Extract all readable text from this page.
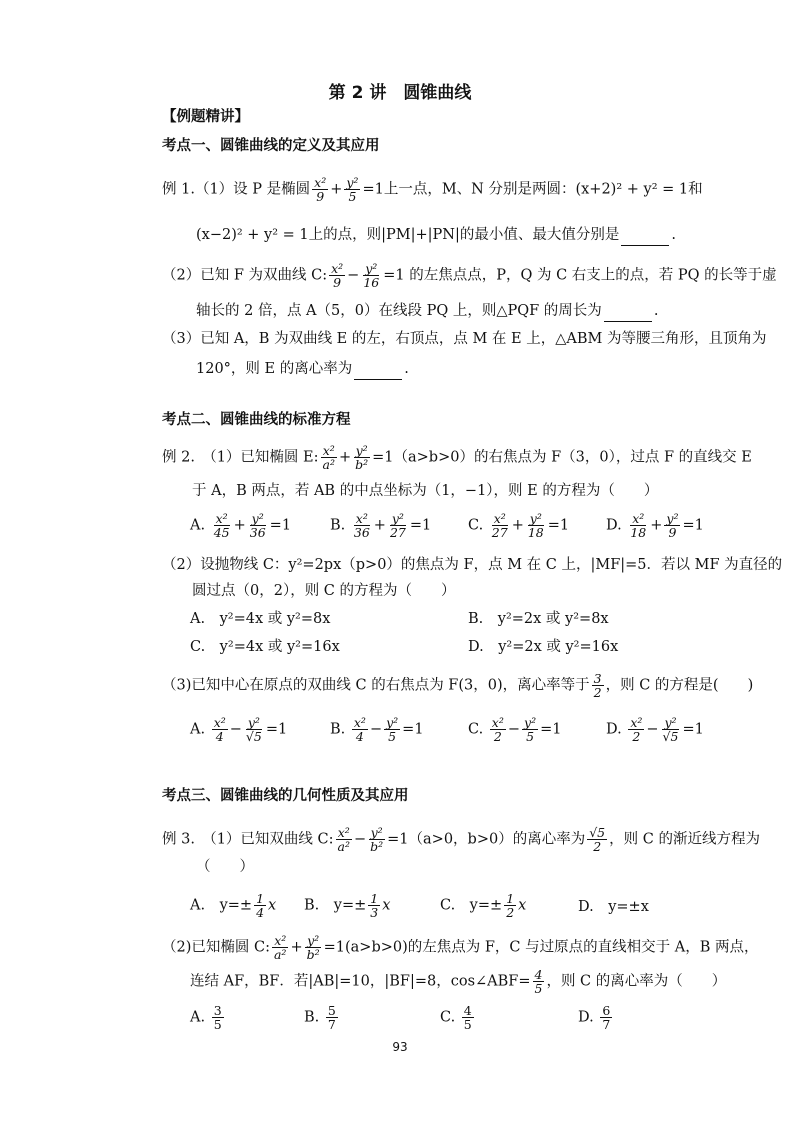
第 2 讲　圆锥曲线
【例题精讲】
考点一、圆锥曲线的定义及其应用
例 1.（1）设 P 是椭圆 $\frac{\text{x²}}{9} + \frac{\text{y²}}{5} =1$上一点，M、N 分别是两圆：(x+2)² + y² = 1和
(x−2)² + y² = 1上的点，则|PM|+|PN|的最小值、最大值分别是	.
（2）已知 F 为双曲线 C: $\frac{\text{x²}}{9} - \frac{\text{y²}}{16} =1$ 的左焦点点，P，Q 为 C 右支上的点，若 PQ 的长等于虚
轴长的 2 倍，点 A（5，0）在线段 PQ 上，则△PQF 的周长为	.
（3）已知 A，B 为双曲线 E 的左，右顶点，点 M 在 E 上，△ABM 为等腰三角形，且顶角为
120°，则 E 的离心率为	.
考点二、圆锥曲线的标准方程
例 2.　（1）已知椭圆 E: $\frac{\text{x²}}{\text{a²}} + \frac{\text{y²}}{\text{b²}} =1(a>b>0)$的右焦点为 F（3，0），过点 F 的直线交 E
于 A，B 两点，若 AB 的中点坐标为（1，−1），则 E 的方程为（　　）
A. $\frac{\text{x²}}{45} + \frac{\text{y²}}{36} =1$	B. $\frac{\text{x²}}{36} + \frac{\text{y²}}{27} =1$	C. $\frac{\text{x²}}{27} + \frac{\text{y²}}{18} =1$	D. $\frac{\text{x²}}{18} + \frac{\text{y²}}{9} =1$
（2）设抛物线 C：y²=2px（p>0）的焦点为 F，点 M 在 C 上，|MF|=5．若以 MF 为直径的
圆过点（0，2），则 C 的方程为（　　）
A.　y²=4x 或 y²=8x	B.　y²=2x 或 y²=8x
C.　y²=4x 或 y²=16x	D.　y²=2x 或 y²=16x
（3)已知中心在原点的双曲线 C 的右焦点为 F(3，0)，离心率等于 $\frac{3}{2}$ ，则 C 的方程是(　　)
A. $\frac{\text{x²}}{4} - \frac{\text{y²}}{√5} =1$	B. $\frac{\text{x²}}{4} - \frac{\text{y²}}{5} =1$	C. $\frac{\text{x²}}{2} - \frac{\text{y²}}{5} =1$	D. $\frac{\text{x²}}{2} - \frac{\text{y²}}{√5} =1$
考点三、圆锥曲线的几何性质及其应用
例 3.　（1）已知双曲线 C: $\frac{\text{x²}}{\text{a²}} - \frac{\text{y²}}{\text{b²}} =1(a>0$，b>0）的离心率为 $\frac{√5}{2}$ ，则 C 的渐近线方程为
（　　）
A.　$y=\pm \frac{1}{4}$ x B.　$y=\pm \frac{1}{3}$ x	C.　$y=\pm \frac{1}{2}$ x	D.　y=±x
（2)已知椭圆 C: $\frac{\text{x²}}{\text{a²}} + \frac{\text{y²}}{\text{b²}} =1(a>b>0)$的左焦点为 F，C 与过原点的直线相交于 A，B 两点，
连结 AF，BF．若|AB|=10，|BF|=8，cos∠ABF= $\frac{4}{5}$ ，则 C 的离心率为（　　）
A. $\frac{3}{5}$	B. $\frac{5}{7}$	C. $\frac{4}{5}$	D. $\frac{6}{7}$
93
